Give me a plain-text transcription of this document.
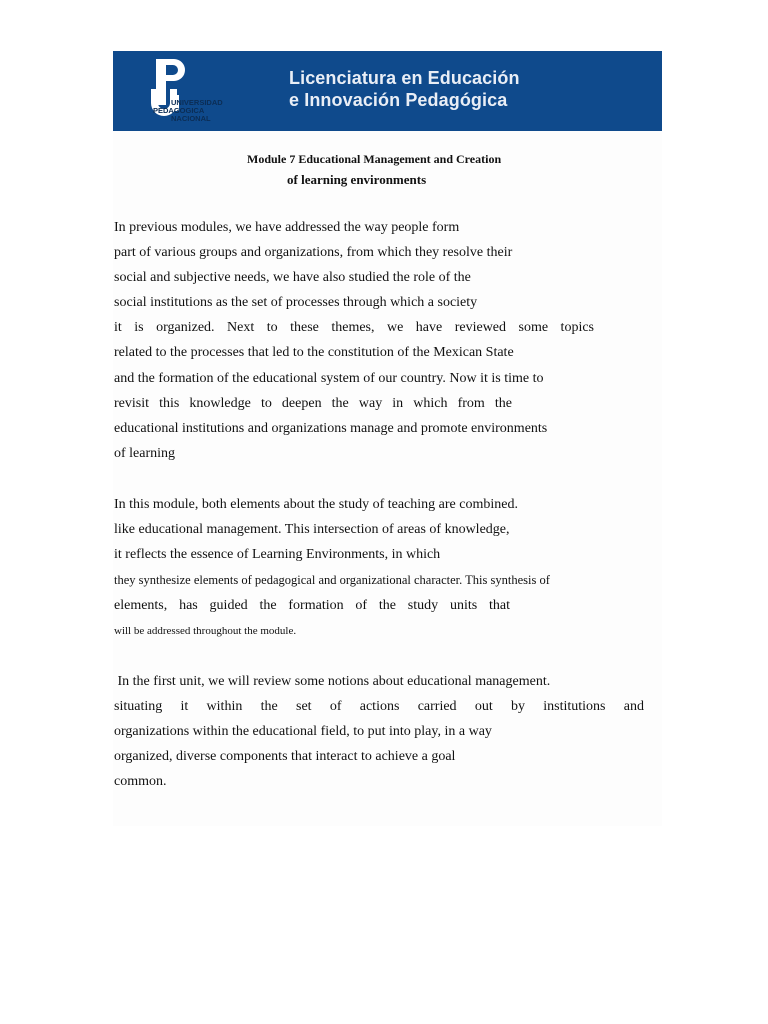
UNIVERSIDAD
PEDAGOGICA
NACIONAL
Licenciatura en Educación
e Innovación Pedagógica
Module 7 Educational Management and Creation
of learning environments
In previous modules, we have addressed the way people form
part of various groups and organizations, from which they resolve their
social and subjective needs, we have also studied the role of the
social institutions as the set of processes through which a society
it is organized. Next to these themes, we have reviewed some topics
related to the processes that led to the constitution of the Mexican State
and the formation of the educational system of our country. Now it is time to
revisit this knowledge to deepen the way in which from the
educational institutions and organizations manage and promote environments
of learning
In this module, both elements about the study of teaching are combined.
like educational management. This intersection of areas of knowledge,
it reflects the essence of Learning Environments, in which
they synthesize elements of pedagogical and organizational character. This synthesis of
elements, has guided the formation of the study units that
will be addressed throughout the module.
In the first unit, we will review some notions about educational management.
situating it within the set of actions carried out by institutions and
organizations within the educational field, to put into play, in a way
organized, diverse components that interact to achieve a goal
common.
